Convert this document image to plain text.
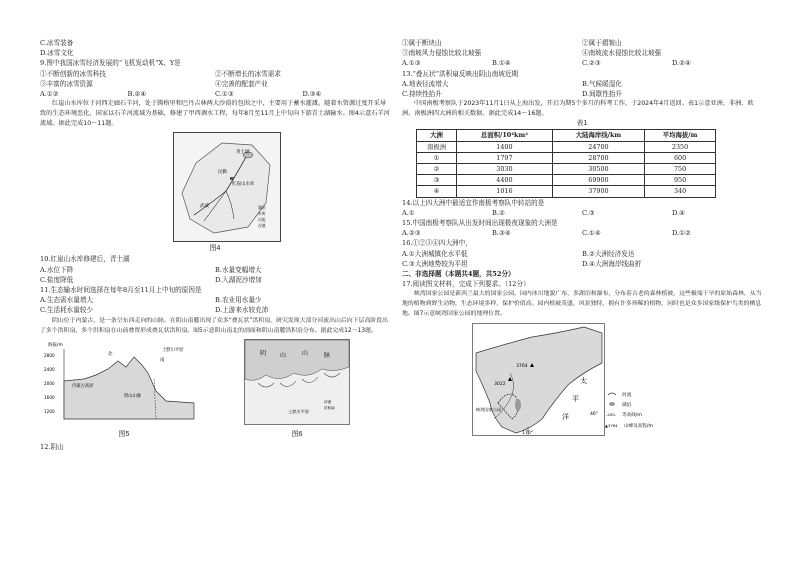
C.冰雪装备
D.冰雪文化
9.图中我国冰雪经济发展的“飞机发动机”X、Y是
①不断创新的冰雪科技	②不断增长的冰雪需求
③丰富的冰雪资源	④完善的配套产业
A.①②	B.②④	C.①③	D.③④
红崖山水库位于河西走廊石羊河，处于腾格里和巴丹吉林两大沙漠的包围之中，主要用于蓄水灌溉。随着水资源过度开采导致的生态环境恶化，国家以石羊河流域为基础，修建了甲西调水工程，每年8月至11月上中旬向下游青土湖输水。图4示意石羊河流域。据此完成10～11题。
青土湖
民勤
红崖山水库
武威	湖泊
水库
河流
沙漠
图4
10.红崖山水库修建后，青土湖
A.水位下降	B.水量变幅增大
C.盐度降低	D.入湖泥沙增加
11.生态输水时间选择在每年8月至11月上中旬的原因是
A.生态需水量增大	B.农业用水量少
C.生活耗水量较少	D.上游来水较充沛
阴山位于内蒙古，是一条呈东西走向的山脉。在阴山南麓出现了众多“叠瓦状”洪积扇，研究发现大部分河流出山后向下层高阶段出了多个洪积扇，多个洪积扇在山前叠置形成叠瓦状洪积扇。图5示意阴山南北的剖面和阴山南麓洪积扇分布。据此完成12～13题。
海拔/m
2800
2400
2000
1600
1200
北
南
内蒙古高原
阴山山脉
土默川平原
图5
阴 山	山	脉
土默川平原
河流
洪积扇
图6
12.阴山
①属于断块山	②属于褶皱山
③南坡风力侵蚀比较北坡强	④南坡流水侵蚀比较北坡强
A.①③	B.①④	C.②③	D.②④
13.“叠瓦状”洪积扇反映出阴山南坡近期
A.地表径流增大	B.气候暖湿化
C.持续性抬升	D.间歇性抬升
中国南极考察队于2023年11月1日从上海出发，开启为期5个多月的科考工作，于2024年4月返回。表1示意亚洲、非洲、欧洲、南极洲四大洲的相关数据。据此完成14～16题。
表1
大洲	总面积/10⁴km²	大陆海岸线/km	平均海拔/m
南极洲	1400	24700	2350
①	1797	28700	600
②	3030	30500	750
③	4400	69900	950
④	1016	37900	340
14.以上四大洲中最适宜作南极考察队中转站的是
A.①	B.②	C.③	D.④
15.中国南极考察队从出发时间出现极夜现象的大洲是
A.②③	B.③④	C.①④	D.①②
16.①②③④四大洲中，
A.①大洲城镇化水平低	B.②大洲经济发达
C.③大洲地势较为平坦	D.④大洲海岸线曲折
二、非选择题（本题共4题，共52分）
17.阅读图文材料，完成下列要求。（12分）
峡湾国家公园是新西兰最大的国家公园，园内冰川地貌广布，多湖泊和瀑布，分布着古老的森林植被。这些极端干旱的原始森林，从当地的植物到野生动物，生态环境多样，保护价值高。园内植被茂盛，风景独特，拥有许多珍稀的植物，同时也是众多国家级保护鸟类的栖息地。图7示意峡湾国家公园的地理位置。
3764
3022
峡湾国家公园
太
平
洋
170°
46°
河流
湖泊
-200- 等高线/m
▲3764 山峰及高程/m
